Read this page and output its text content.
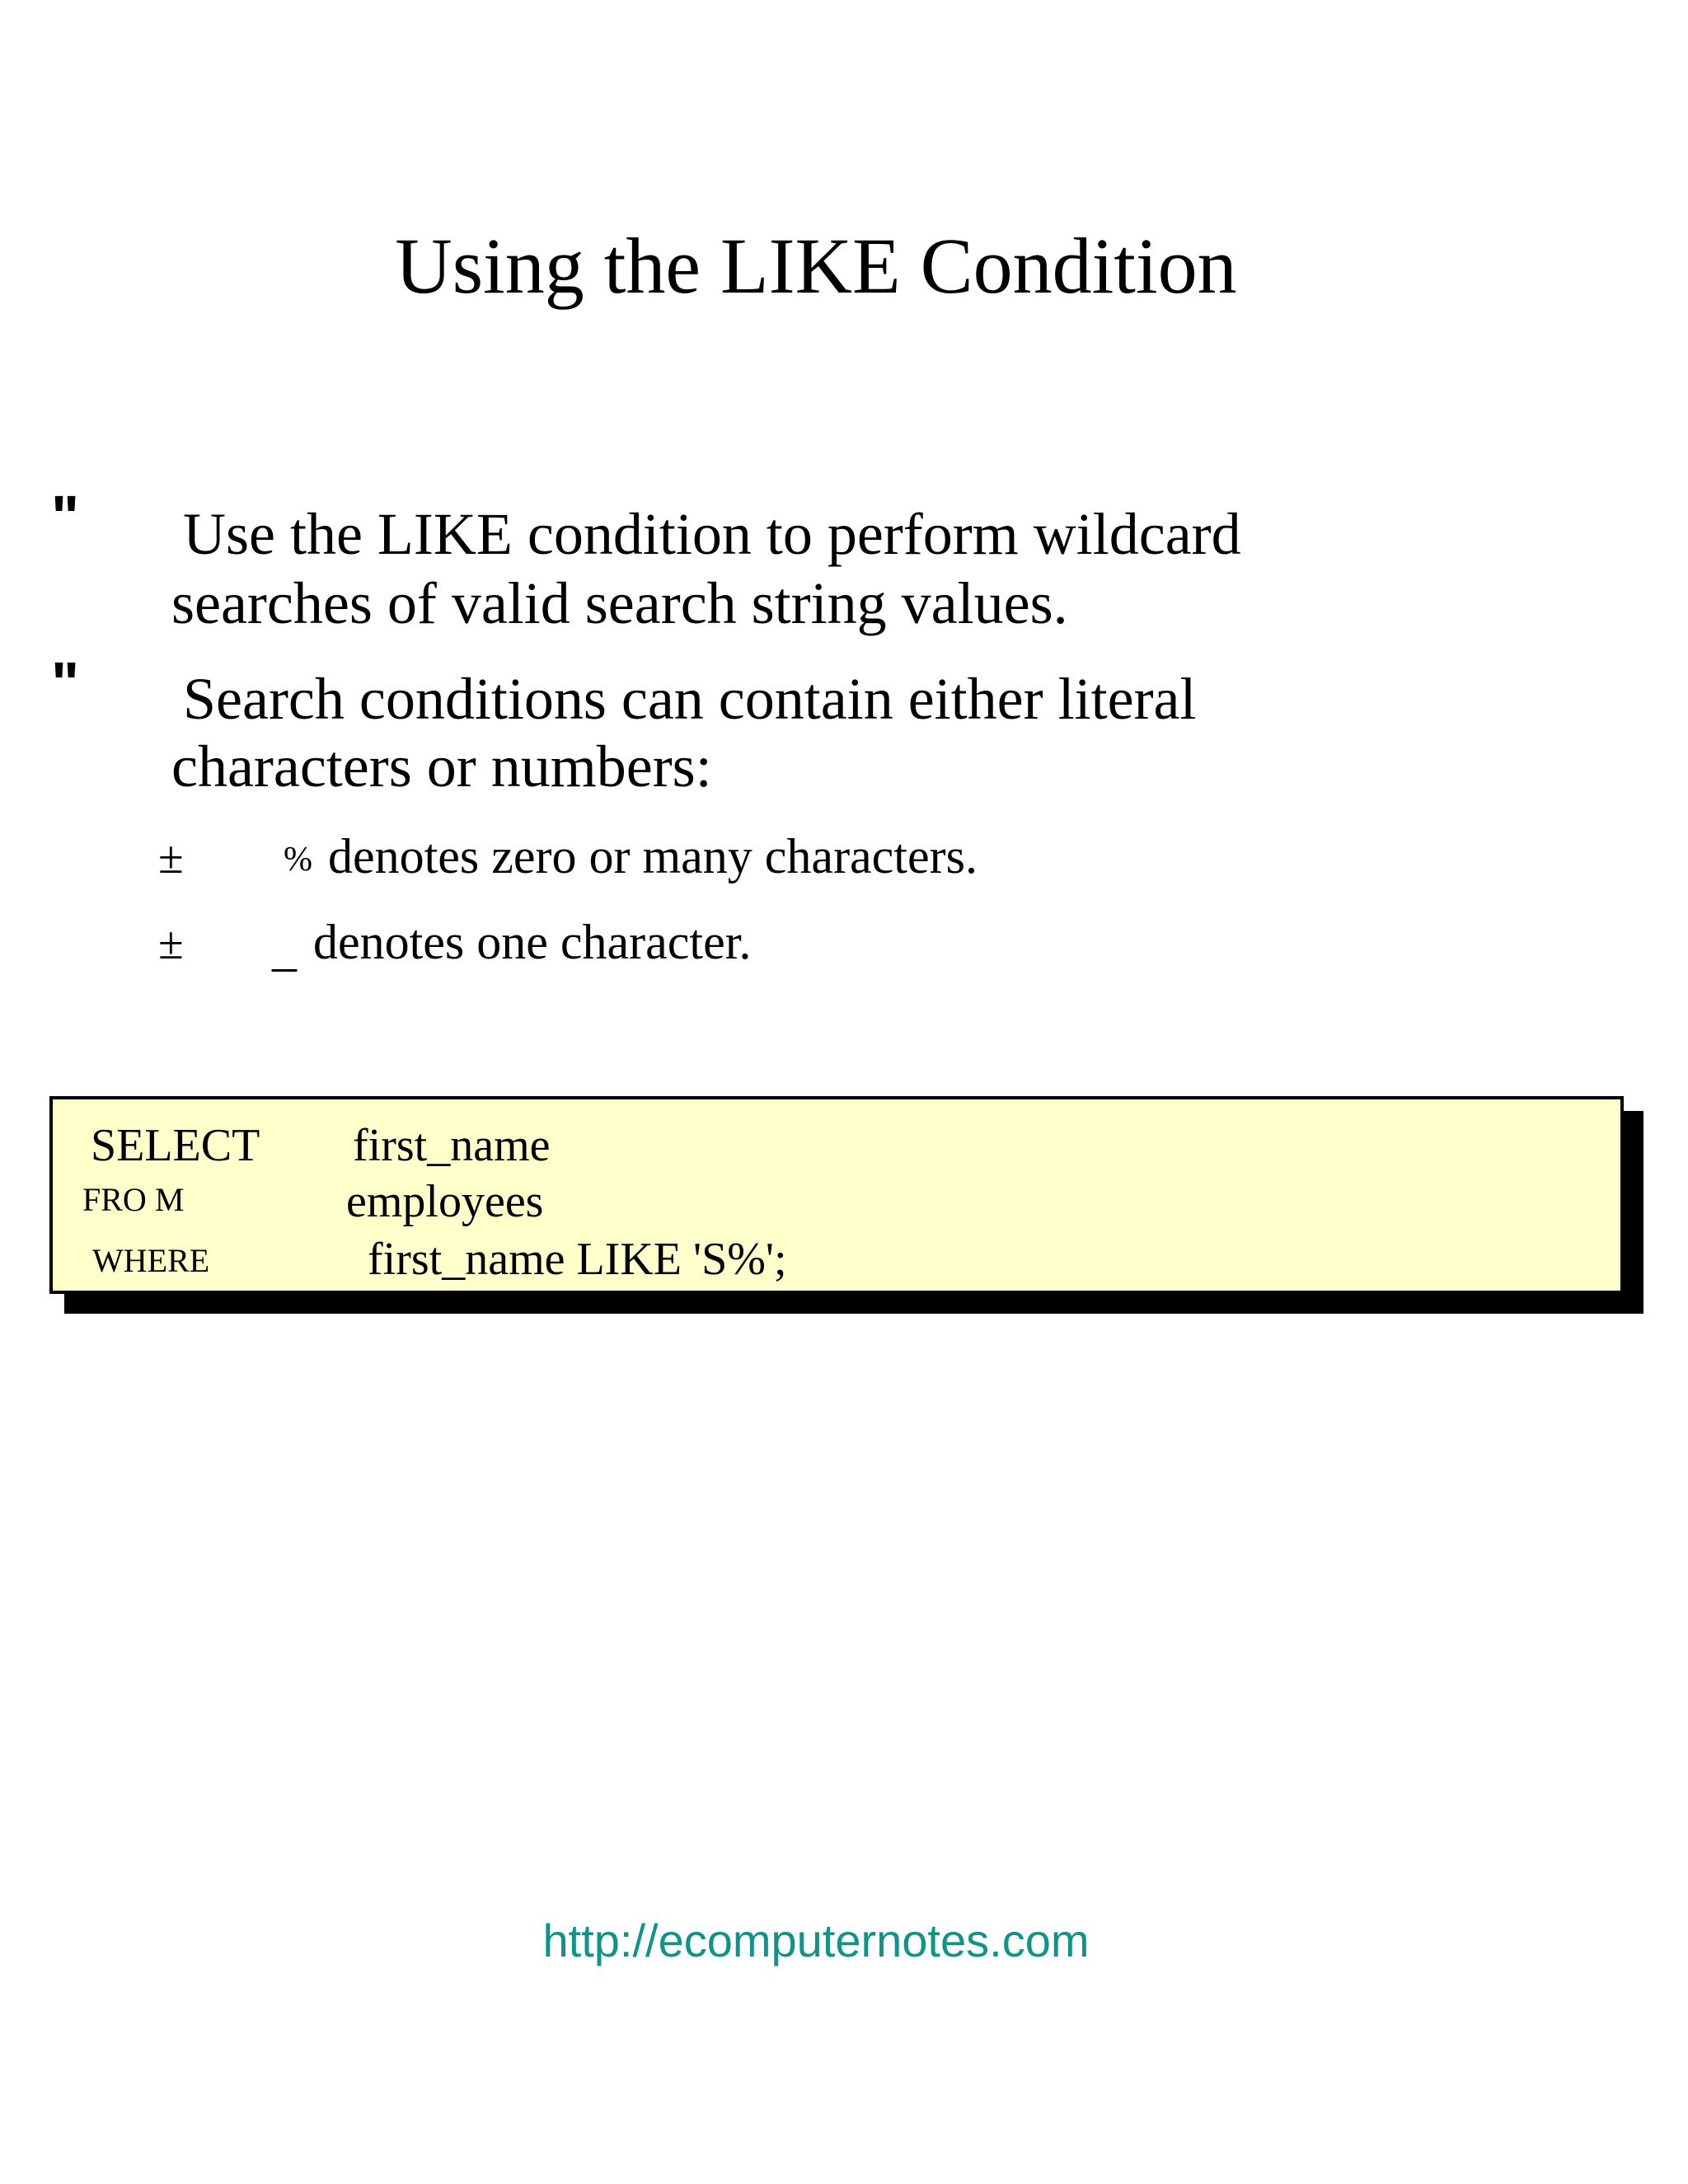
Using the LIKE Condition
" Use the LIKE condition to perform wildcard
searches of valid search string values.
" Search conditions can contain either literal
characters or numbers:
±	% denotes zero or many characters.
± _ denotes one character.
SELECT first_name
FRO M	employees
WHERE	first_name LIKE 'S%';
http://ecomputernotes.com
